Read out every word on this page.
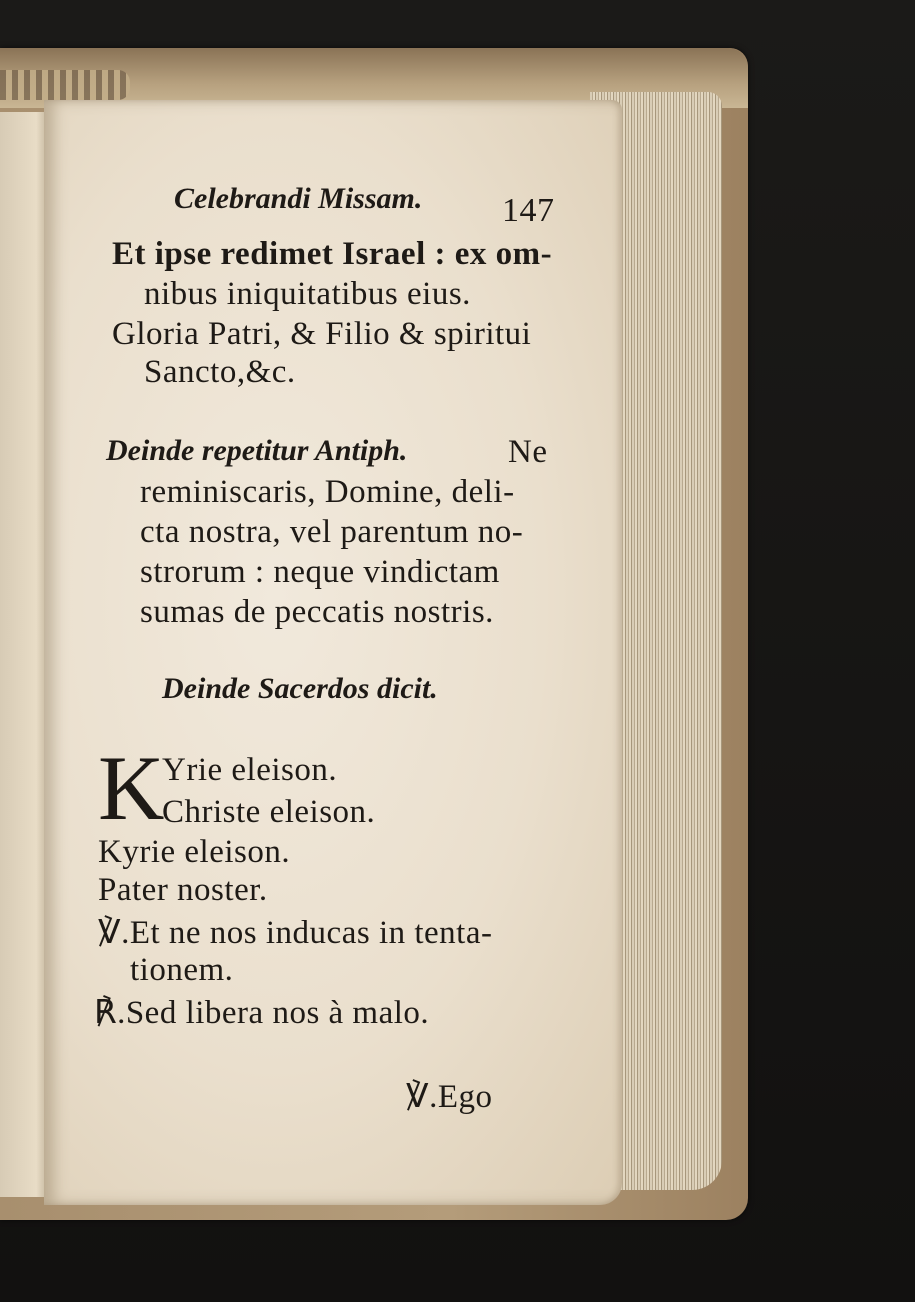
Celebrandi Missam. 147
Et ipse redimet Israel : ex om-
nibus iniquitatibus eius.
Gloria Patri, & Filio & spiritui
Sancto,&c.
Deinde repetitur Antiph.	Ne
reminiscaris, Domine, deli-
cta nostra, vel parentum no-
strorum : neque vindictam
sumas de peccatis nostris.
Deinde Sacerdos dicit.
K
Yrie eleison.
Christe eleison.
Kyrie eleison.
Pater noster.
℣.Et ne nos inducas in tenta-
tionem.
℟.Sed libera nos à malo.
℣.Ego
